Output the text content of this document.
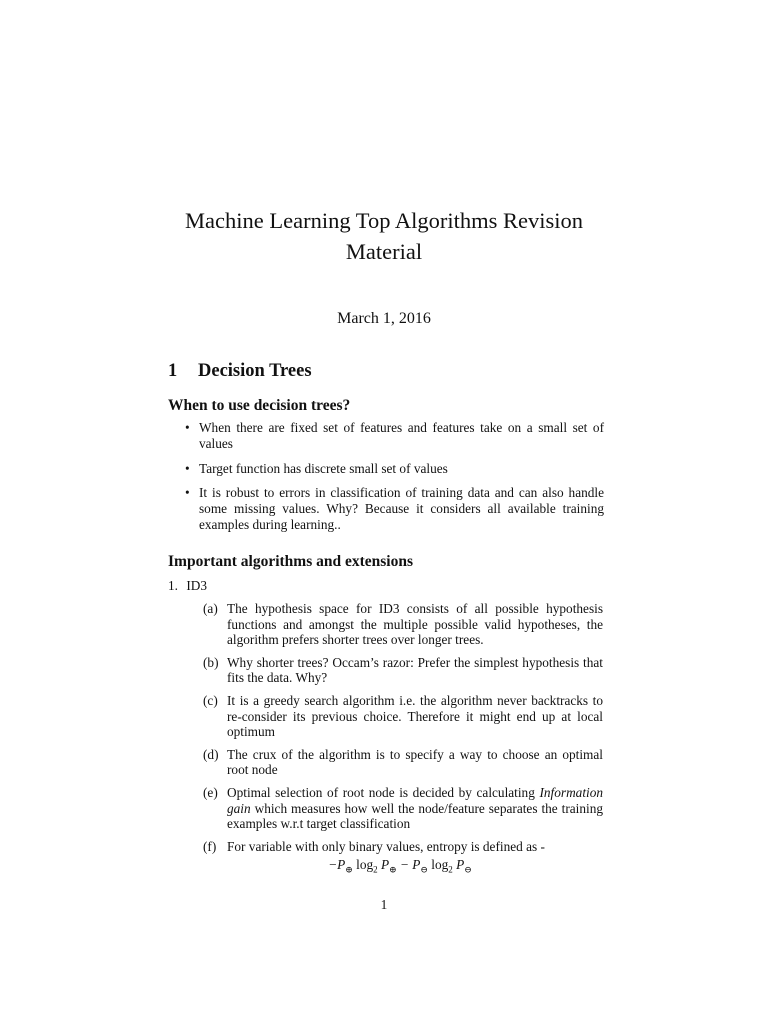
Machine Learning Top Algorithms Revision
Material
March 1, 2016
1 Decision Trees
When to use decision trees?
• When there are fixed set of features and features take on a small set of values
• Target function has discrete small set of values
• It is robust to errors in classification of training data and can also handle some missing values. Why? Because it considers all available training examples during learning..
Important algorithms and extensions
1. ID3
(a) The hypothesis space for ID3 consists of all possible hypothesis functions and amongst the multiple possible valid hypotheses, the algorithm prefers shorter trees over longer trees.
(b) Why shorter trees? Occam’s razor: Prefer the simplest hypothesis that fits the data. Why?
(c) It is a greedy search algorithm i.e. the algorithm never backtracks to re-consider its previous choice. Therefore it might end up at local optimum
(d) The crux of the algorithm is to specify a way to choose an optimal root node
(e) Optimal selection of root node is decided by calculating Information gain which measures how well the node/feature separates the training examples w.r.t target classification
(f) For variable with only binary values, entropy is defined as -
$-P_\oplus$ $\log_2 P_\oplus - P_⊖$ $\log_2 P_⊖$
1
